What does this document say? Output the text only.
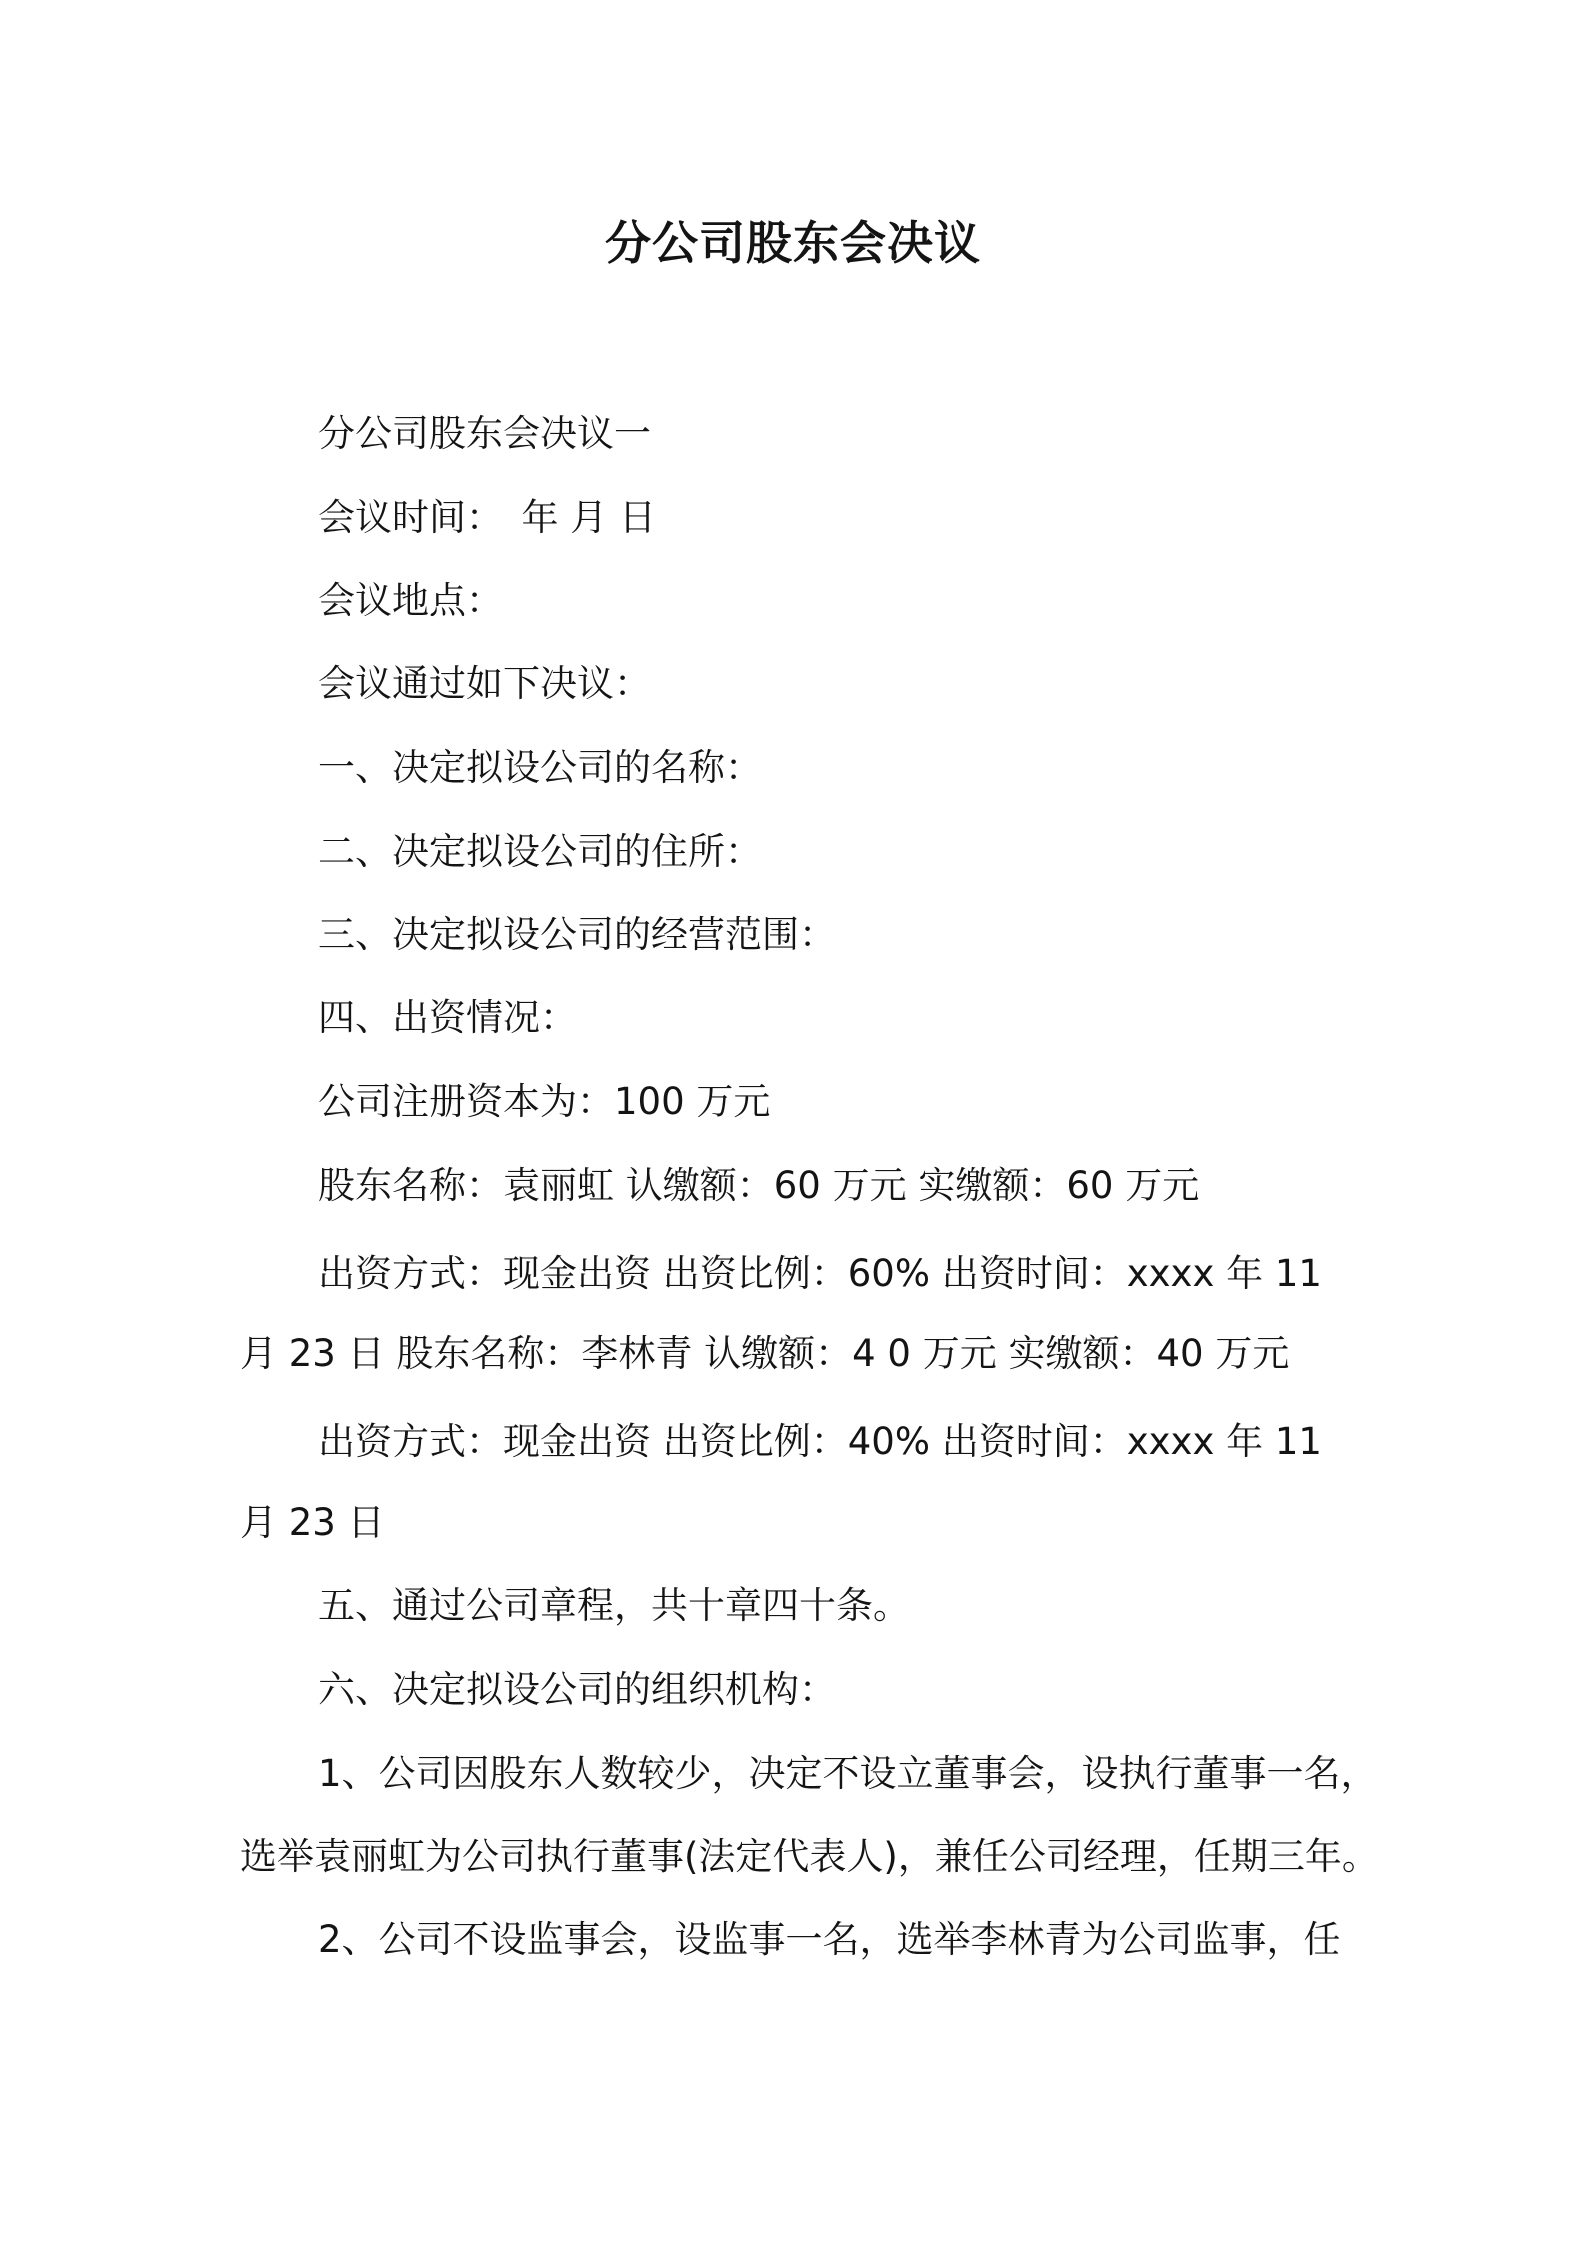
分公司股东会决议
分公司股东会决议一
会议时间：　年 月 日
会议地点：
会议通过如下决议：
一、决定拟设公司的名称：
二、决定拟设公司的住所：
三、决定拟设公司的经营范围：
四、出资情况：
公司注册资本为：100 万元
股东名称：袁丽虹 认缴额：60 万元 实缴额：60 万元
出资方式：现金出资 出资比例：60% 出资时间：xxxx 年 11
月 23 日 股东名称：李林青 认缴额：4 0 万元 实缴额：40 万元
出资方式：现金出资 出资比例：40% 出资时间：xxxx 年 11
月 23 日
五、通过公司章程，共十章四十条。
六、决定拟设公司的组织机构：
1、公司因股东人数较少，决定不设立董事会，设执行董事一名，
选举袁丽虹为公司执行董事(法定代表人)，兼任公司经理，任期三年。
2、公司不设监事会，设监事一名，选举李林青为公司监事，任
